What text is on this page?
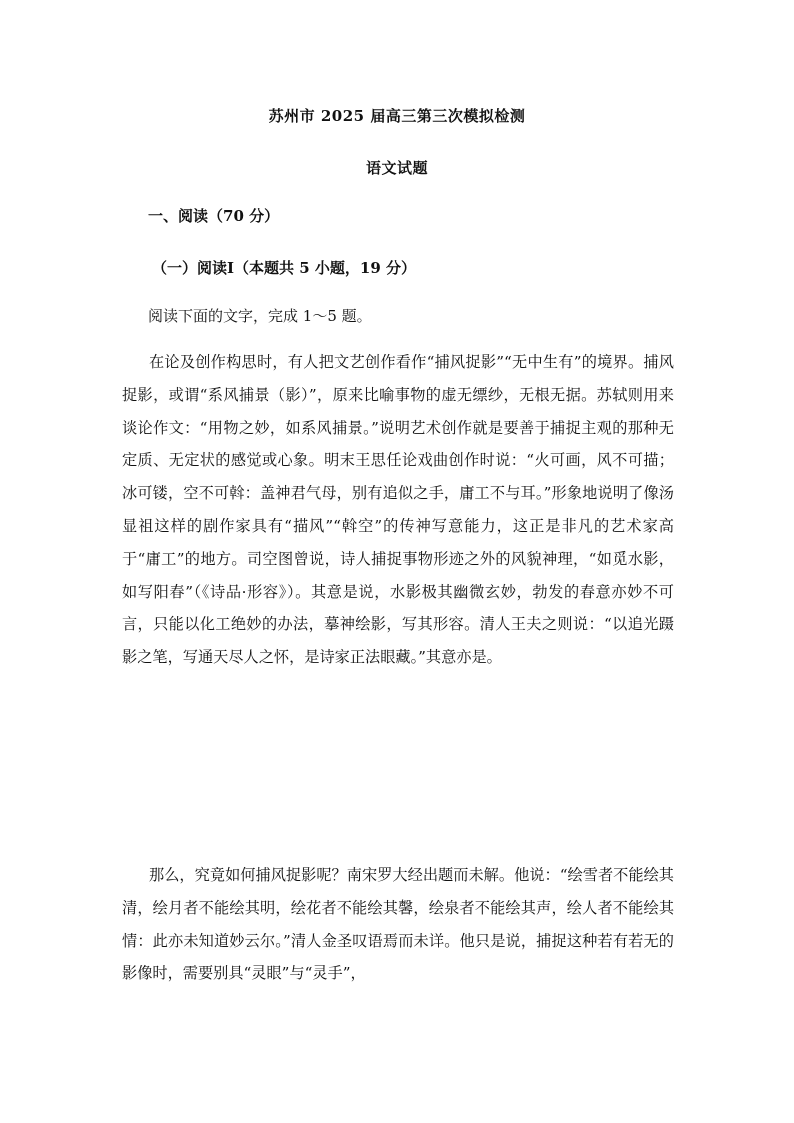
苏州市 2025 届高三第三次模拟检测
语文试题
一、阅读（70 分）
（一）阅读Ⅰ（本题共 5 小题，19 分）
阅读下面的文字，完成 1～5 题。

在论及创作构思时，有人把文艺创作看作“捕风捉影”“无中生有”的境界。捕风捉影，或谓“系风捕景（影）”，原来比喻事物的虚无缥纱，无根无据。苏轼则用来谈论作文：“用物之妙，如系风捕景。”说明艺术创作就是要善于捕捉主观的那种无定质、无定状的感觉或心象。明末王思任论戏曲创作时说：“火可画，风不可描；冰可镂，空不可斡：盖神君气母，别有追似之手，庸工不与耳。”形象地说明了像汤显祖这样的剧作家具有“描风”“斡空”的传神写意能力，这正是非凡的艺术家高于“庸工”的地方。司空图曾说，诗人捕捉事物形迹之外的风貌神理，“如觅水影，如写阳春”（《诗品·形容》）。其意是说，水影极其幽微玄妙，勃发的春意亦妙不可言，只能以化工绝妙的办法，摹神绘影，写其形容。清人王夫之则说：“以追光蹑影之笔，写通天尽人之怀，是诗家正法眼藏。”其意亦是。

那么，究竟如何捕风捉影呢？南宋罗大经出题而未解。他说：“绘雪者不能绘其清，绘月者不能绘其明，绘花者不能绘其馨，绘泉者不能绘其声，绘人者不能绘其情：此亦未知道妙云尔。”清人金圣叹语焉而未详。他只是说，捕捉这种若有若无的影像时，需要别具“灵眼”与“灵手”，
